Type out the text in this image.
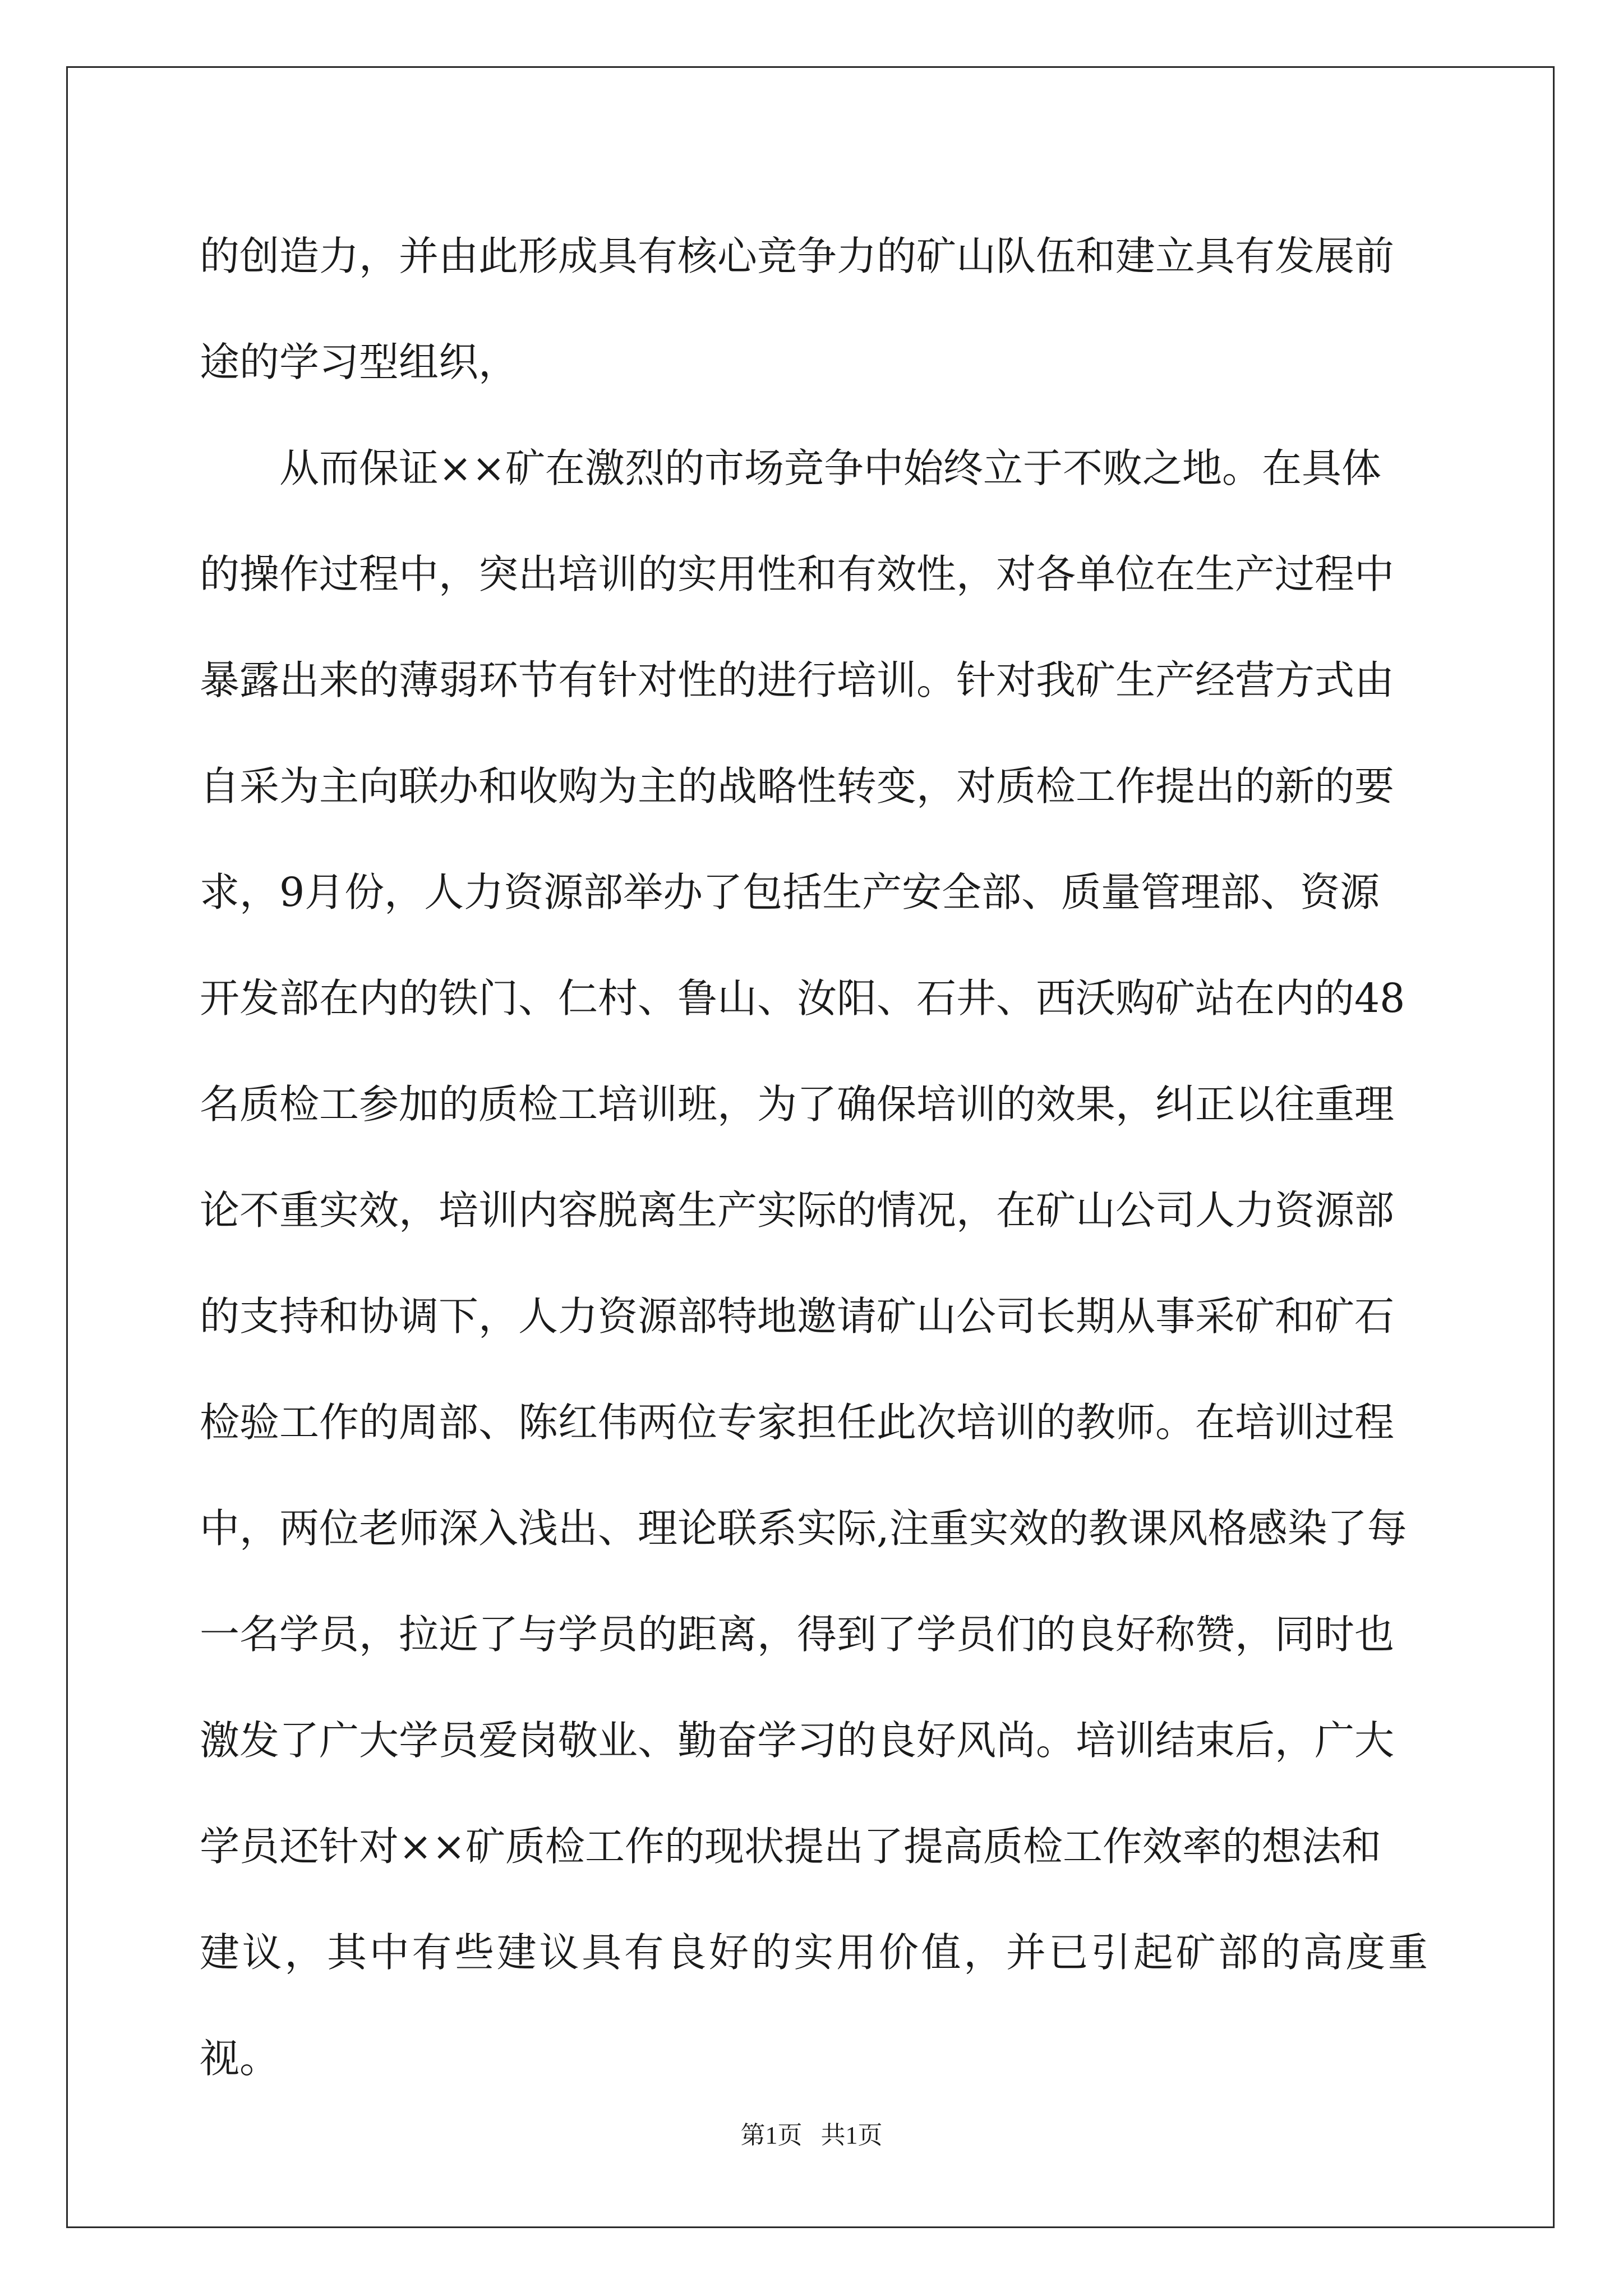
的创造力，并由此形成具有核心竞争力的矿山队伍和建立具有发展前
途的学习型组织，

从而保证××矿在激烈的市场竞争中始终立于不败之地。在具体
的操作过程中，突出培训的实用性和有效性，对各单位在生产过程中
暴露出来的薄弱环节有针对性的进行培训。针对我矿生产经营方式由
自采为主向联办和收购为主的战略性转变，对质检工作提出的新的要
求，9月份，人力资源部举办了包括生产安全部、质量管理部、资源
开发部在内的铁门、仁村、鲁山、汝阳、石井、西沃购矿站在内的48
名质检工参加的质检工培训班，为了确保培训的效果，纠正以往重理
论不重实效，培训内容脱离生产实际的情况，在矿山公司人力资源部
的支持和协调下，人力资源部特地邀请矿山公司长期从事采矿和矿石
检验工作的周部、陈红伟两位专家担任此次培训的教师。在培训过程
中，两位老师深入浅出、理论联系实际,注重实效的教课风格感染了每
一名学员，拉近了与学员的距离，得到了学员们的良好称赞，同时也
激发了广大学员爱岗敬业、勤奋学习的良好风尚。培训结束后，广大
学员还针对××矿质检工作的现状提出了提高质检工作效率的想法和
建议，其中有些建议具有良好的实用价值，并已引起矿部的高度重视。

第1页   共1页
